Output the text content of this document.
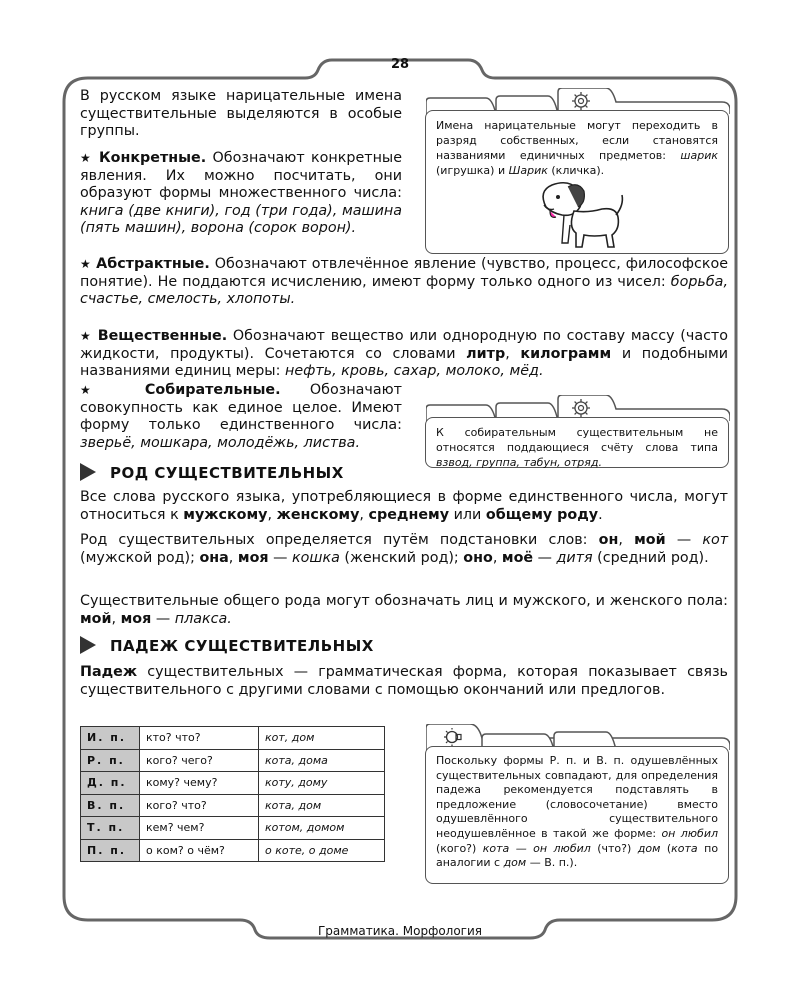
28

В русском языке нарицательные имена существительные выделяются в особые группы.

★ Конкретные. Обозначают конкретные явления. Их можно посчитать, они образуют формы множественного числа: книга (две книги), год (три года), машина (пять машин), ворона (сорок ворон).

★ Абстрактные. Обозначают отвлечённое явление (чувство, процесс, философское понятие). Не поддаются исчислению, имеют форму только одного из чисел: борьба, счастье, смелость, хлопоты.

★ Вещественные. Обозначают вещество или однородную по составу массу (часто жидкости, продукты). Сочетаются со словами литр, килограмм и подобными названиями единиц меры: нефть, кровь, сахар, молоко, мёд.

★ Собирательные. Обозначают совокупность как единое целое. Имеют форму только единственного числа: зверьё, мошкара, молодёжь, листва.

Имена нарицательные могут переходить в разряд собственных, если становятся названиями единичных предметов: шарик (игрушка) и Шарик (кличка).
К собирательным существительным не относятся поддающиеся счёту слова типа взвод, группа, табун, отряд.
РОД СУЩЕСТВИТЕЛЬНЫХ

Все слова русского языка, употребляющиеся в форме единственного числа, могут относиться к мужскому, женскому, среднему или общему роду.

Род существительных определяется путём подстановки слов: он, мой — кот (мужской род); она, моя — кошка (женский род); оно, моё — дитя (средний род).

Существительные общего рода могут обозначать лиц и мужского, и женского пола: мой, моя — плакса.

ПАДЕЖ СУЩЕСТВИТЕЛЬНЫХ

Падеж существительных — грамматическая форма, которая показывает связь существительного с другими словами с помощью окончаний или предлогов.

И. п.	кто? что?	кот, дом
Р. п.	кого? чего?	кота, дома
Д. п.	кому? чему?	коту, дому
В. п.	кого? что?	кота, дом
Т. п.	кем? чем?	котом, домом
П. п.	о ком? о чём?	о коте, о доме
Поскольку формы Р. п. и В. п. одушевлённых существительных совпадают, для определения падежа рекомендуется подставлять в предложение (словосочетание) вместо одушевлённого существительного неодушевлённое в такой же форме: он любил (кого?) кота — он любил (что?) дом (кота по аналогии с дом — В. п.).
Грамматика. Морфология
